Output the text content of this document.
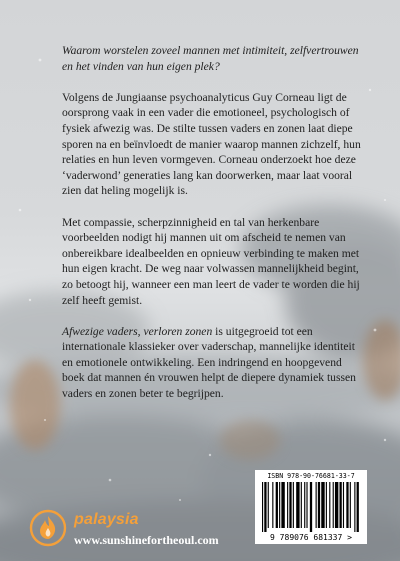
Waarom worstelen zoveel mannen met intimiteit, zelfvertrouwen en het vinden van hun eigen plek?

Volgens de Jungiaanse psychoanalyticus Guy Corneau ligt de oorsprong vaak in een vader die emotioneel, psychologisch of fysiek afwezig was. De stilte tussen vaders en zonen laat diepe sporen na en beïnvloedt de manier waarop mannen zichzelf, hun relaties en hun leven vormgeven. Corneau onderzoekt hoe deze ‘vaderwond’ generaties lang kan doorwerken, maar laat vooral zien dat heling mogelijk is.

Met compassie, scherpzinnigheid en tal van herkenbare voorbeelden nodigt hij mannen uit om afscheid te nemen van onbereikbare idealbeelden en opnieuw verbinding te maken met hun eigen kracht. De weg naar volwassen mannelijkheid begint, zo betoogt hij, wanneer een man leert de vader te worden die hij zelf heeft gemist.

Afwezige vaders, verloren zonen is uitgegroeid tot een internationale klassieker over vaderschap, mannelijke identiteit en emotionele ontwikkeling. Een indringend en hoopgevend boek dat mannen én vrouwen helpt de diepere dynamiek tussen vaders en zonen beter te begrijpen.

palaysia
www.sunshinefortheoul.com
ISBN 978-90-76681-33-7
9 789076 681337 >
